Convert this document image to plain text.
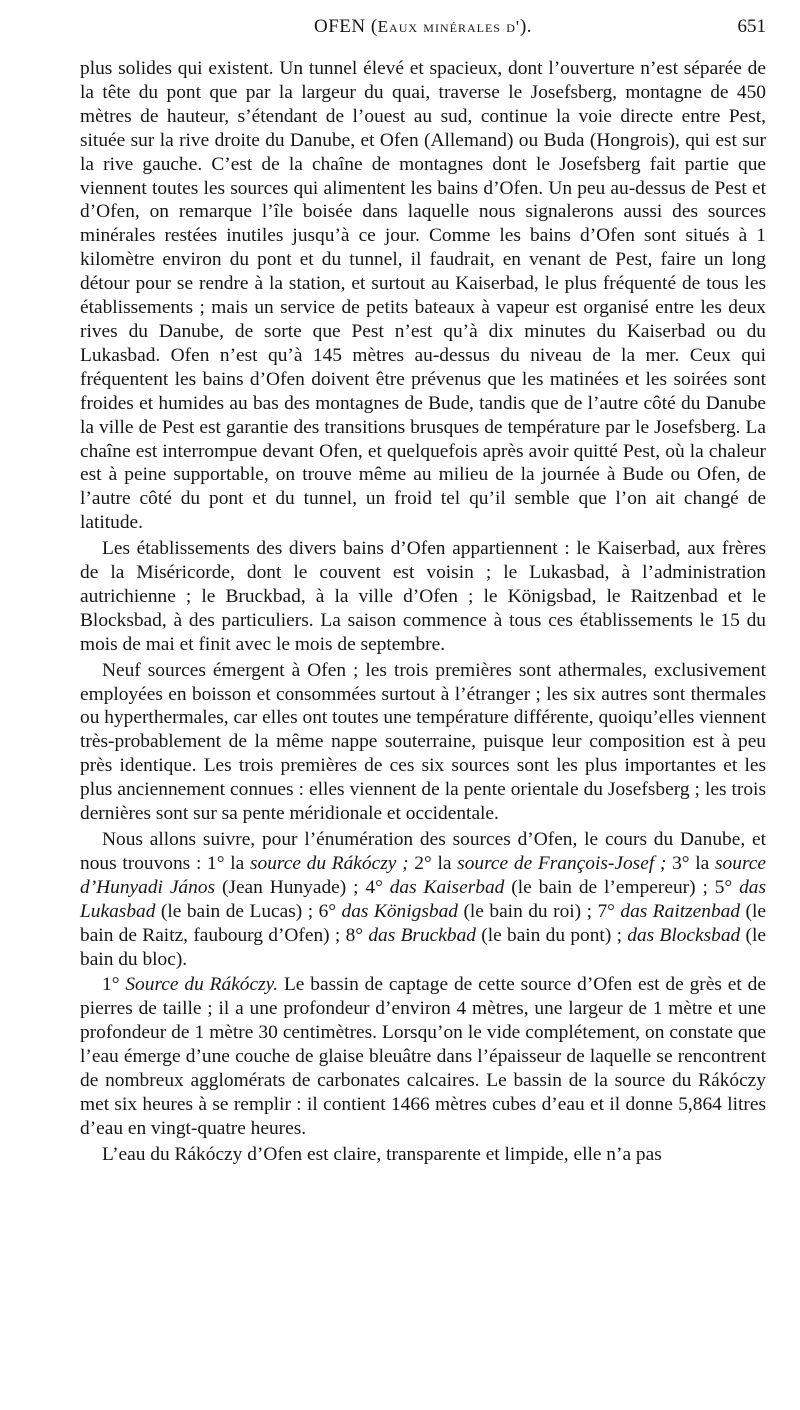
OFEN (Eaux minérales d').	651

plus solides qui existent. Un tunnel élevé et spacieux, dont l’ouverture n’est séparée de la tête du pont que par la largeur du quai, traverse le Josefsberg, montagne de 450 mètres de hauteur, s’étendant de l’ouest au sud, continue la voie directe entre Pest, située sur la rive droite du Danube, et Ofen (Allemand) ou Buda (Hongrois), qui est sur la rive gauche. C’est de la chaîne de montagnes dont le Josefsberg fait partie que viennent toutes les sources qui alimentent les bains d’Ofen. Un peu au-dessus de Pest et d’Ofen, on remarque l’île boisée dans laquelle nous signalerons aussi des sources minérales restées inutiles jusqu’à ce jour. Comme les bains d’Ofen sont situés à 1 kilomètre environ du pont et du tunnel, il faudrait, en venant de Pest, faire un long détour pour se rendre à la station, et surtout au Kaiserbad, le plus fréquenté de tous les établissements ; mais un service de petits bateaux à vapeur est organisé entre les deux rives du Danube, de sorte que Pest n’est qu’à dix minutes du Kaiserbad ou du Lukasbad. Ofen n’est qu’à 145 mètres au-dessus du niveau de la mer. Ceux qui fréquentent les bains d’Ofen doivent être prévenus que les matinées et les soirées sont froides et humides au bas des montagnes de Bude, tandis que de l’autre côté du Danube la ville de Pest est garantie des transitions brusques de température par le Josefsberg. La chaîne est interrompue devant Ofen, et quelquefois après avoir quitté Pest, où la chaleur est à peine supportable, on trouve même au milieu de la journée à Bude ou Ofen, de l’autre côté du pont et du tunnel, un froid tel qu’il semble que l’on ait changé de latitude.

Les établissements des divers bains d’Ofen appartiennent : le Kaiserbad, aux frères de la Miséricorde, dont le couvent est voisin ; le Lukasbad, à l’administration autrichienne ; le Bruckbad, à la ville d’Ofen ; le Königsbad, le Raitzenbad et le Blocksbad, à des particuliers. La saison commence à tous ces établissements le 15 du mois de mai et finit avec le mois de septembre.

Neuf sources émergent à Ofen ; les trois premières sont athermales, exclusivement employées en boisson et consommées surtout à l’étranger ; les six autres sont thermales ou hyperthermales, car elles ont toutes une température différente, quoiqu’elles viennent très-probablement de la même nappe souterraine, puisque leur composition est à peu près identique. Les trois premières de ces six sources sont les plus importantes et les plus anciennement connues : elles viennent de la pente orientale du Josefsberg ; les trois dernières sont sur sa pente méridionale et occidentale.

Nous allons suivre, pour l’énumération des sources d’Ofen, le cours du Danube, et nous trouvons : 1° la source du Rákóczy ; 2° la source de François-Josef ; 3° la source d’Hunyadi János (Jean Hunyade) ; 4° das Kaiserbad (le bain de l’empereur) ; 5° das Lukasbad (le bain de Lucas) ; 6° das Königsbad (le bain du roi) ; 7° das Raitzenbad (le bain de Raitz, faubourg d’Ofen) ; 8° das Bruckbad (le bain du pont) ; das Blocksbad (le bain du bloc).

1° Source du Rákóczy. Le bassin de captage de cette source d’Ofen est de grès et de pierres de taille ; il a une profondeur d’environ 4 mètres, une largeur de 1 mètre et une profondeur de 1 mètre 30 centimètres. Lorsqu’on le vide complétement, on constate que l’eau émerge d’une couche de glaise bleuâtre dans l’épaisseur de laquelle se rencontrent de nombreux agglomérats de carbonates calcaires. Le bassin de la source du Rákóczy met six heures à se remplir : il contient 1466 mètres cubes d’eau et il donne 5,864 litres d’eau en vingt-quatre heures.

L’eau du Rákóczy d’Ofen est claire, transparente et limpide, elle n’a pas
